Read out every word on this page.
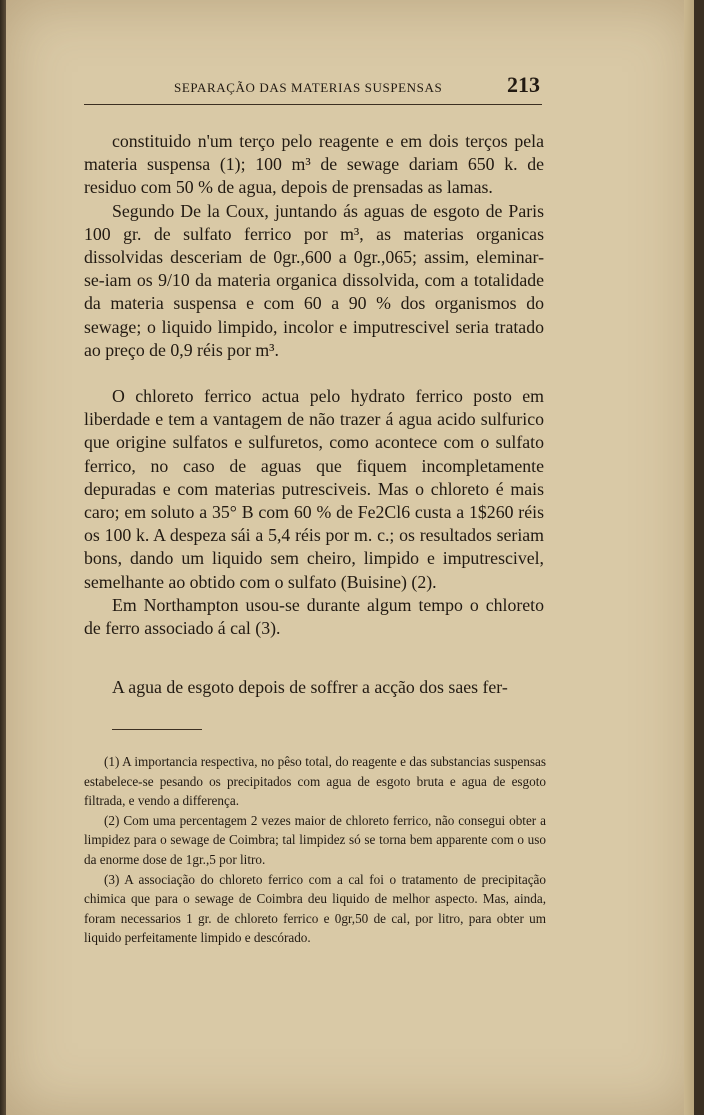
SEPARAÇÃO DAS MATERIAS SUSPENSAS	213

constituido n'um terço pelo reagente e em dois terços pela materia suspensa (1); 100 m³ de sewage dariam 650 k. de residuo com 50 % de agua, depois de prensadas as lamas.

Segundo De la Coux, juntando ás aguas de esgoto de Paris 100 gr. de sulfato ferrico por m³, as materias organicas dissolvidas desceriam de 0gr.,600 a 0gr.,065; assim, eleminar-se-iam os 9/10 da materia organica dissolvida, com a totalidade da materia suspensa e com 60 a 90 % dos organismos do sewage; o liquido limpido, incolor e imputrescivel seria tratado ao preço de 0,9 réis por m³.

O chloreto ferrico actua pelo hydrato ferrico posto em liberdade e tem a vantagem de não trazer á agua acido sulfurico que origine sulfatos e sulfuretos, como acontece com o sulfato ferrico, no caso de aguas que fiquem incompletamente depuradas e com materias putresciveis. Mas o chloreto é mais caro; em soluto a 35° B com 60 % de Fe2Cl6 custa a 1$260 réis os 100 k. A despeza sái a 5,4 réis por m. c.; os resultados seriam bons, dando um liquido sem cheiro, limpido e imputrescivel, semelhante ao obtido com o sulfato (Buisine) (2).

Em Northampton usou-se durante algum tempo o chloreto de ferro associado á cal (3).

A agua de esgoto depois de soffrer a acção dos saes fer-

(1) A importancia respectiva, no pêso total, do reagente e das substancias suspensas estabelece-se pesando os precipitados com agua de esgoto bruta e agua de esgoto filtrada, e vendo a differença.

(2) Com uma percentagem 2 vezes maior de chloreto ferrico, não consegui obter a limpidez para o sewage de Coimbra; tal limpidez só se torna bem apparente com o uso da enorme dose de 1gr.,5 por litro.

(3) A associação do chloreto ferrico com a cal foi o tratamento de precipitação chimica que para o sewage de Coimbra deu liquido de melhor aspecto. Mas, ainda, foram necessarios 1 gr. de chloreto ferrico e 0gr,50 de cal, por litro, para obter um liquido perfeitamente limpido e descórado.
